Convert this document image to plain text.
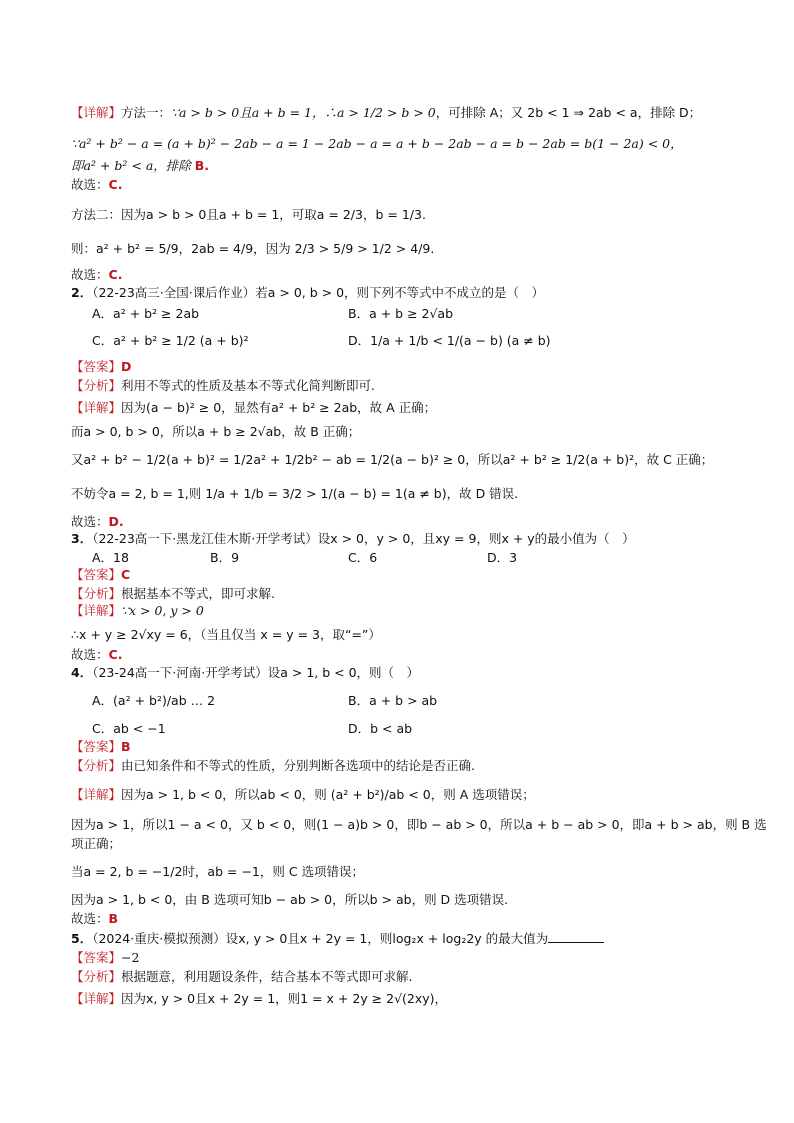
【详解】方法一：∵a > b > 0且a + b = 1，∴a > 1/2 > b > 0，可排除 A；又 2b < 1 ⇒ 2ab < a，排除 D；
∵a² + b² − a = (a + b)² − 2ab − a = 1 − 2ab − a = a + b − 2ab − a = b − 2ab = b(1 − 2a) < 0，
即a² + b² < a，排除 B.
故选：C.
方法二：因为a > b > 0且a + b = 1，可取a = 2/3，b = 1/3.
则：a² + b² = 5/9，2ab = 4/9，因为 2/3 > 5/9 > 1/2 > 4/9.
故选：C.
2．（22-23高三·全国·课后作业）若a > 0, b > 0，则下列不等式中不成立的是（　）
A．a² + b² ≥ 2ab	B．a + b ≥ 2√ab
C．a² + b² ≥ 1/2 (a + b)²	D．1/a + 1/b < 1/(a − b) (a ≠ b)
【答案】D
【分析】利用不等式的性质及基本不等式化简判断即可.
【详解】因为(a − b)² ≥ 0，显然有a² + b² ≥ 2ab，故 A 正确；
而a > 0, b > 0，所以a + b ≥ 2√ab，故 B 正确；
又a² + b² − 1/2(a + b)² = 1/2a² + 1/2b² − ab = 1/2(a − b)² ≥ 0，所以a² + b² ≥ 1/2(a + b)²，故 C 正确；
不妨令a = 2, b = 1,则 1/a + 1/b = 3/2 > 1/(a − b) = 1(a ≠ b)，故 D 错误.
故选：D.
3．（22-23高一下·黑龙江佳木斯·开学考试）设x > 0，y > 0，且xy = 9，则x + y的最小值为（　）
A．18	B．9	C．6	D．3
【答案】C
【分析】根据基本不等式，即可求解.
【详解】∵x > 0, y > 0
∴x + y ≥ 2√xy = 6，（当且仅当 x = y = 3，取“=”）
故选：C.
4．（23-24高一下·河南·开学考试）设a > 1, b < 0，则（　）
A．(a² + b²)/ab … 2	B．a + b > ab
C．ab < −1	D．b < ab
【答案】B
【分析】由已知条件和不等式的性质，分别判断各选项中的结论是否正确.
【详解】因为a > 1, b < 0，所以ab < 0，则 (a² + b²)/ab < 0，则 A 选项错误；
因为a > 1，所以1 − a < 0，又 b < 0，则(1 − a)b > 0，即b − ab > 0，所以a + b − ab > 0，即a + b > ab，则 B 选
项正确；
当a = 2, b = −1/2时，ab = −1，则 C 选项错误；
因为a > 1, b < 0，由 B 选项可知b − ab > 0，所以b > ab，则 D 选项错误.
故选：B
5．（2024·重庆·模拟预测）设x, y > 0且x + 2y = 1，则log₂x + log₂2y 的最大值为
【答案】−2
【分析】根据题意，利用题设条件，结合基本不等式即可求解.
【详解】因为x, y > 0且x + 2y = 1，则1 = x + 2y ≥ 2√(2xy)，
